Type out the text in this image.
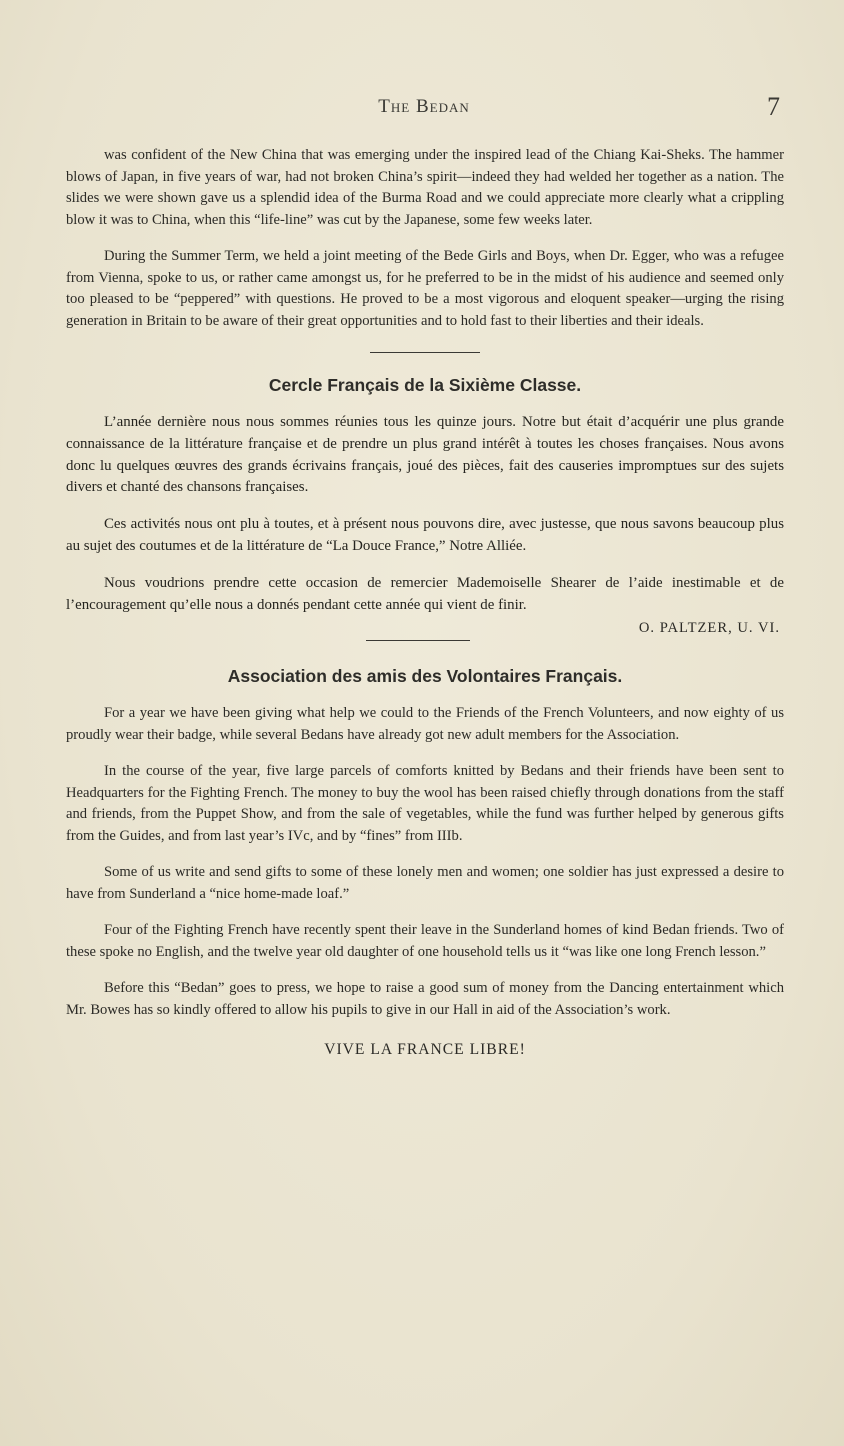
The Bedan	7

was confident of the New China that was emerging under the inspired lead of the Chiang Kai-Sheks. The hammer blows of Japan, in five years of war, had not broken China’s spirit—indeed they had welded her together as a nation. The slides we were shown gave us a splendid idea of the Burma Road and we could appreciate more clearly what a crippling blow it was to China, when this “life-line” was cut by the Japanese, some few weeks later.

During the Summer Term, we held a joint meeting of the Bede Girls and Boys, when Dr. Egger, who was a refugee from Vienna, spoke to us, or rather came amongst us, for he preferred to be in the midst of his audience and seemed only too pleased to be “peppered” with questions. He proved to be a most vigorous and eloquent speaker—urging the rising generation in Britain to be aware of their great opportunities and to hold fast to their liberties and their ideals.

Cercle Français de la Sixième Classe.

L’année dernière nous nous sommes réunies tous les quinze jours. Notre but était d’acquérir une plus grande connaissance de la littérature française et de prendre un plus grand intérêt à toutes les choses françaises. Nous avons donc lu quelques œuvres des grands écrivains français, joué des pièces, fait des causeries impromptues sur des sujets divers et chanté des chansons françaises.

Ces activités nous ont plu à toutes, et à présent nous pouvons dire, avec justesse, que nous savons beaucoup plus au sujet des coutumes et de la littérature de “La Douce France,” Notre Alliée.

Nous voudrions prendre cette occasion de remercier Mademoiselle Shearer de l’aide inestimable et de l’encouragement qu’elle nous a donnés pendant cette année qui vient de finir.

O. PALTZER, U. VI.
Association des amis des Volontaires Français.

For a year we have been giving what help we could to the Friends of the French Volunteers, and now eighty of us proudly wear their badge, while several Bedans have already got new adult members for the Association.

In the course of the year, five large parcels of comforts knitted by Bedans and their friends have been sent to Headquarters for the Fighting French. The money to buy the wool has been raised chiefly through donations from the staff and friends, from the Puppet Show, and from the sale of vegetables, while the fund was further helped by generous gifts from the Guides, and from last year’s IVc, and by “fines” from IIIb.

Some of us write and send gifts to some of these lonely men and women; one soldier has just expressed a desire to have from Sunderland a “nice home-made loaf.”

Four of the Fighting French have recently spent their leave in the Sunderland homes of kind Bedan friends. Two of these spoke no English, and the twelve year old daughter of one household tells us it “was like one long French lesson.”

Before this “Bedan” goes to press, we hope to raise a good sum of money from the Dancing entertainment which Mr. Bowes has so kindly offered to allow his pupils to give in our Hall in aid of the Association’s work.

VIVE LA FRANCE LIBRE!
